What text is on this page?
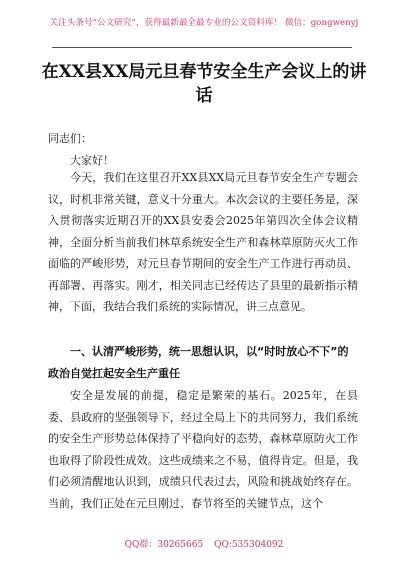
关注头条号“公文研究”，获得最新最全最专业的公文资料库！ 微信：gongwenyj
在XX县XX局元旦春节安全生产会议上的讲话
同志们：
大家好！

今天，我们在这里召开XX县XX局元旦春节安全生产专题会议，时机非常关键，意义十分重大。本次会议的主要任务是，深入贯彻落实近期召开的XX县安委会2025年第四次全体会议精神，全面分析当前我们林草系统安全生产和森林草原防灭火工作面临的严峻形势，对元旦春节期间的安全生产工作进行再动员、再部署、再落实。刚才，相关同志已经传达了县里的最新指示精神，下面，我结合我们系统的实际情况，讲三点意见。

一、认清严峻形势，统一思想认识，以“时时放心不下”的政治自觉扛起安全生产重任

安全是发展的前提，稳定是繁荣的基石。2025年，在县委、县政府的坚强领导下，经过全局上下的共同努力，我们系统的安全生产形势总体保持了平稳向好的态势，森林草原防火工作也取得了阶段性成效。这些成绩来之不易，值得肯定。但是，我们必须清醒地认识到，成绩只代表过去，风险和挑战始终存在。当前，我们正处在元旦刚过、春节将至的关键节点，这个

QQ群：30265665 QQ:535304092
